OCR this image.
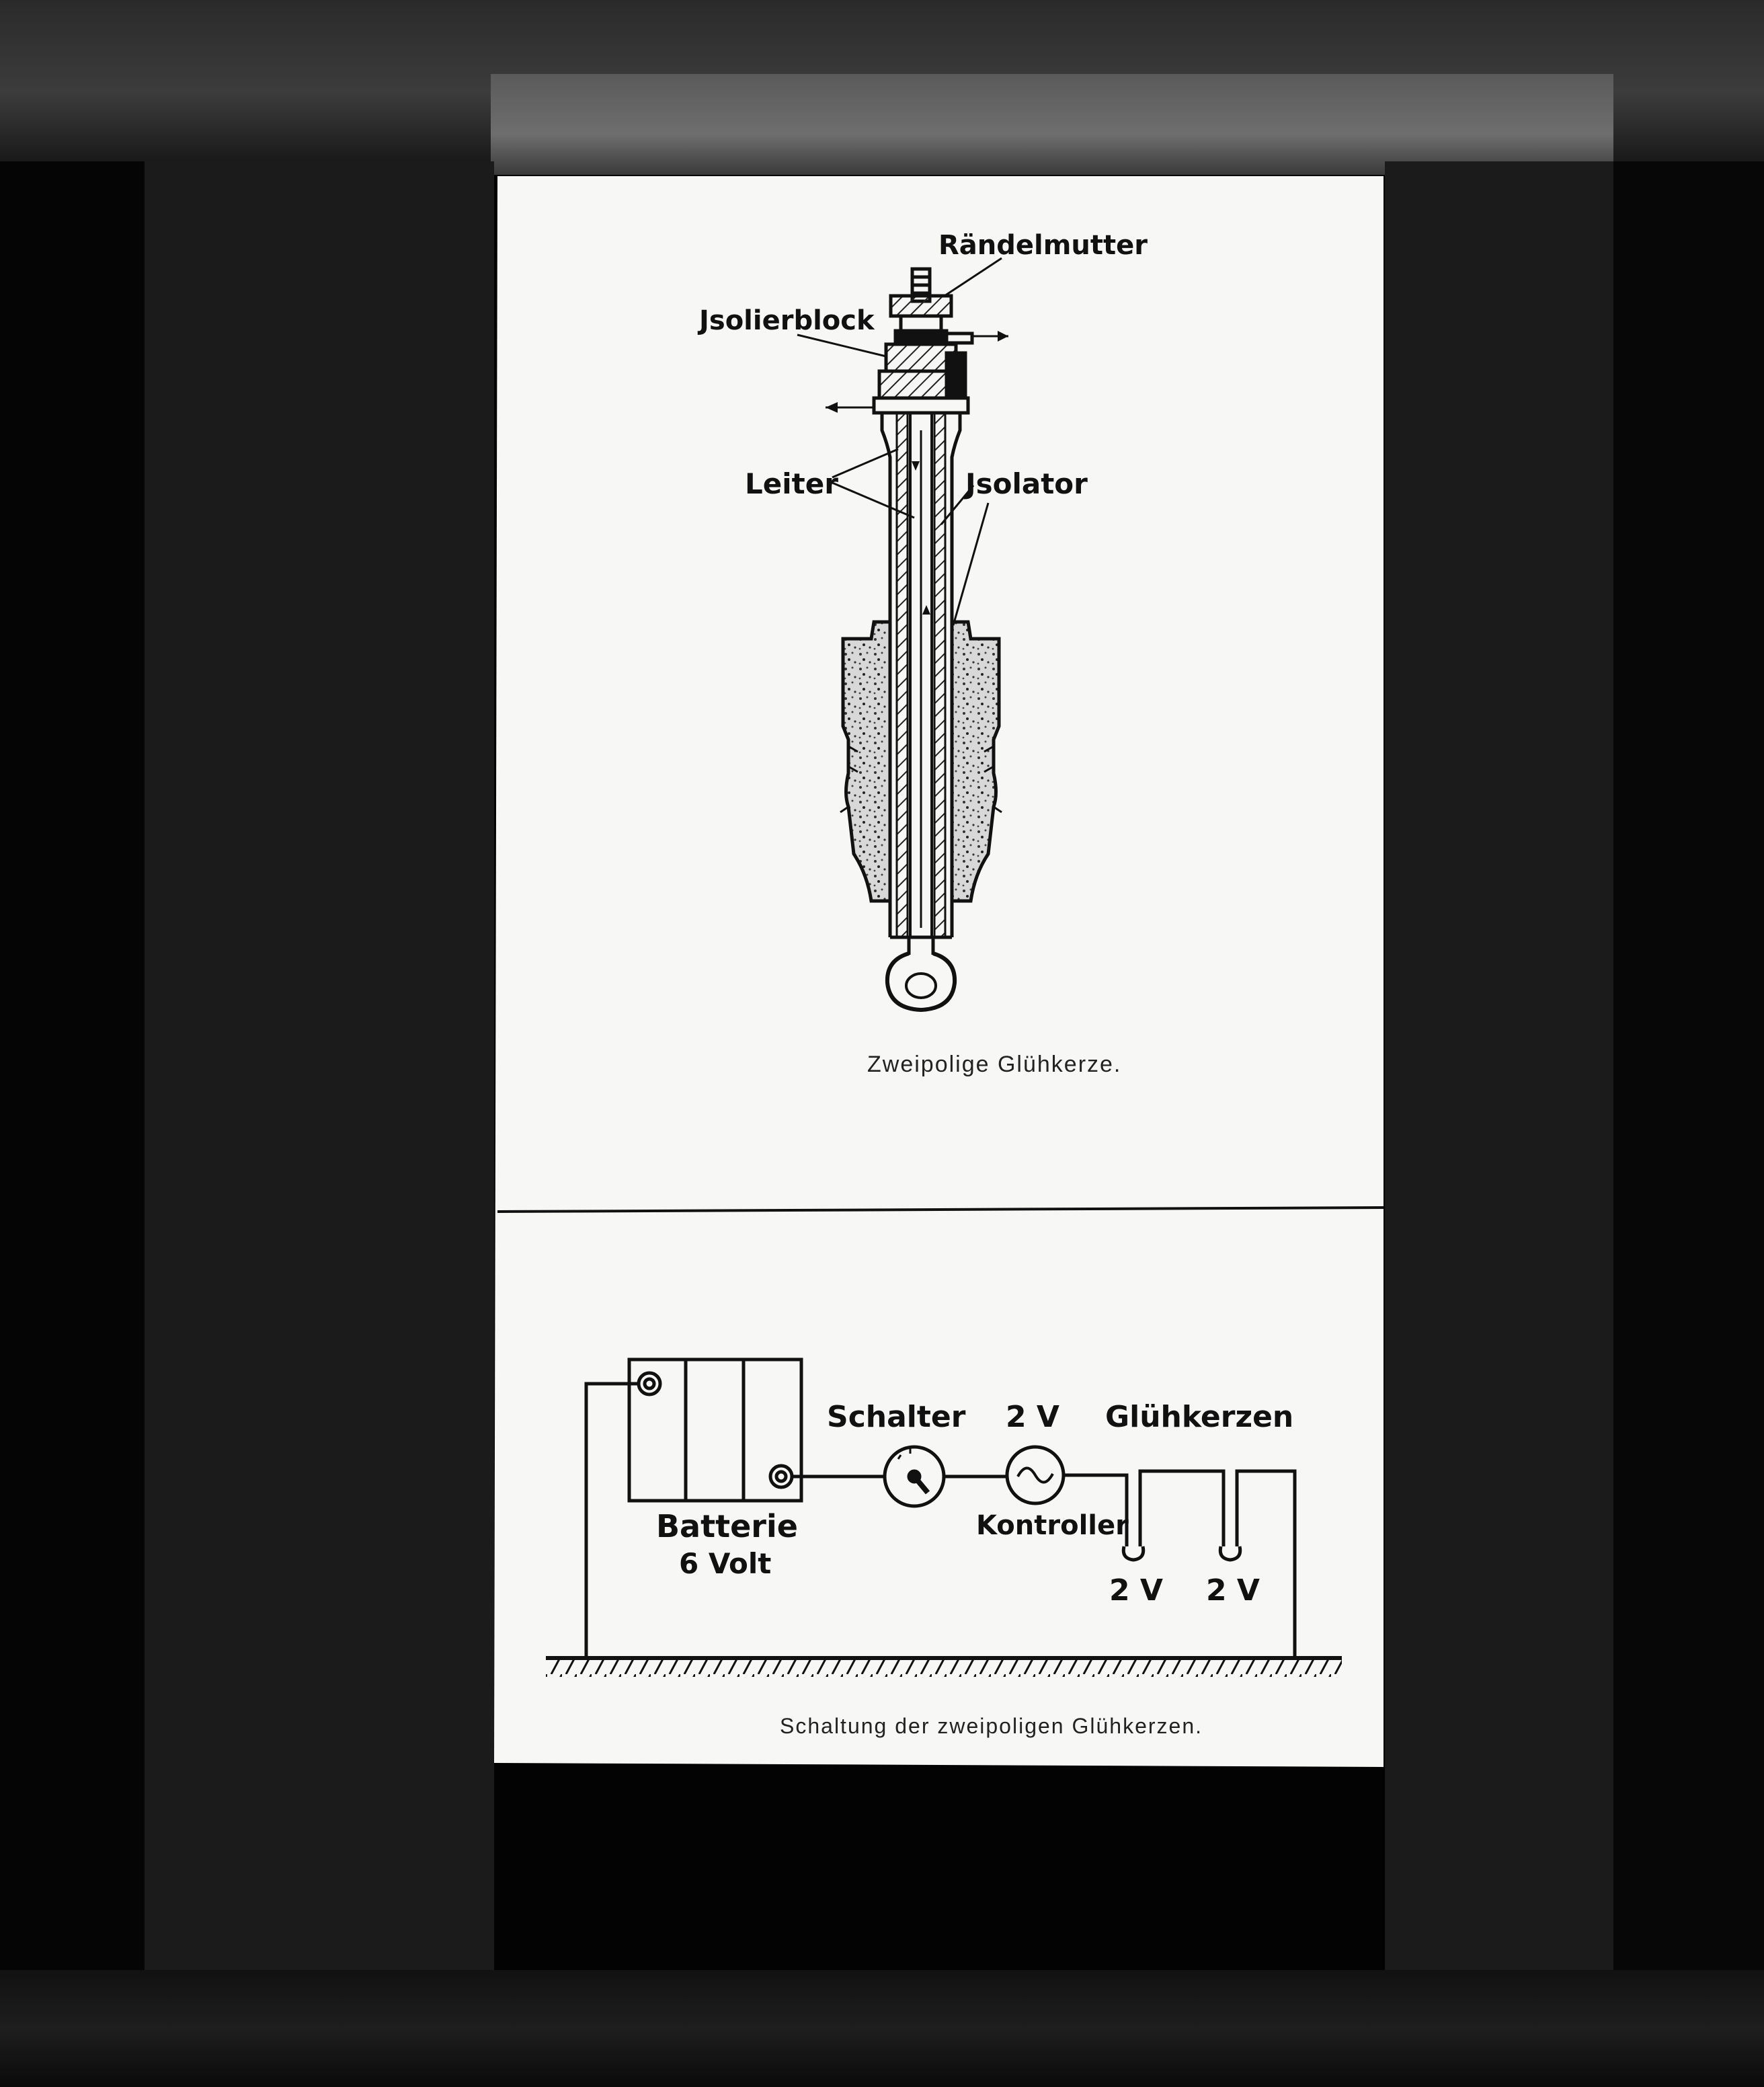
Rändelmutter
Jsolierblock
Leiter	Jsolator
Zweipolige Glühkerze.
Schalter 2 V Glühkerzen
Batterie
6 Volt
Kontroller
2 V 2 V
Schaltung der zweipoligen Glühkerzen.
